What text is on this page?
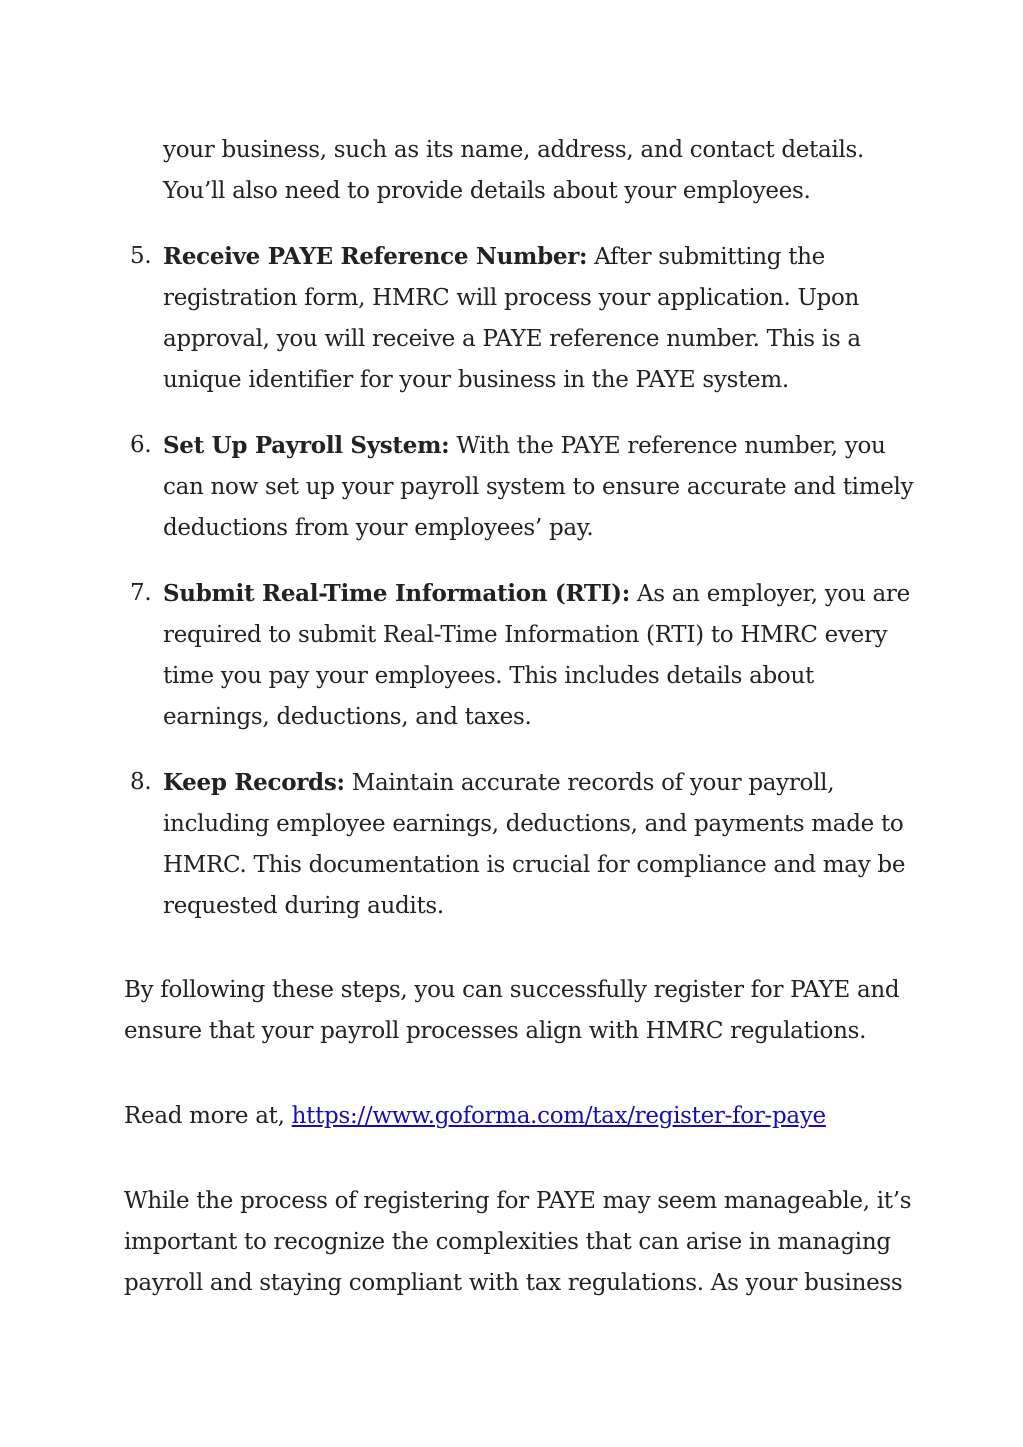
your business, such as its name, address, and contact details. You’ll also need to provide details about your employees.

5. Receive PAYE Reference Number: After submitting the registration form, HMRC will process your application. Upon approval, you will receive a PAYE reference number. This is a unique identifier for your business in the PAYE system.
6. Set Up Payroll System: With the PAYE reference number, you can now set up your payroll system to ensure accurate and timely deductions from your employees’ pay.
7. Submit Real-Time Information (RTI): As an employer, you are required to submit Real-Time Information (RTI) to HMRC every time you pay your employees. This includes details about earnings, deductions, and taxes.
8. Keep Records: Maintain accurate records of your payroll, including employee earnings, deductions, and payments made to HMRC. This documentation is crucial for compliance and may be requested during audits.

By following these steps, you can successfully register for PAYE and ensure that your payroll processes align with HMRC regulations.

Read more at, https://www.goforma.com/tax/register-for-paye

While the process of registering for PAYE may seem manageable, it’s important to recognize the complexities that can arise in managing payroll and staying compliant with tax regulations. As your business
